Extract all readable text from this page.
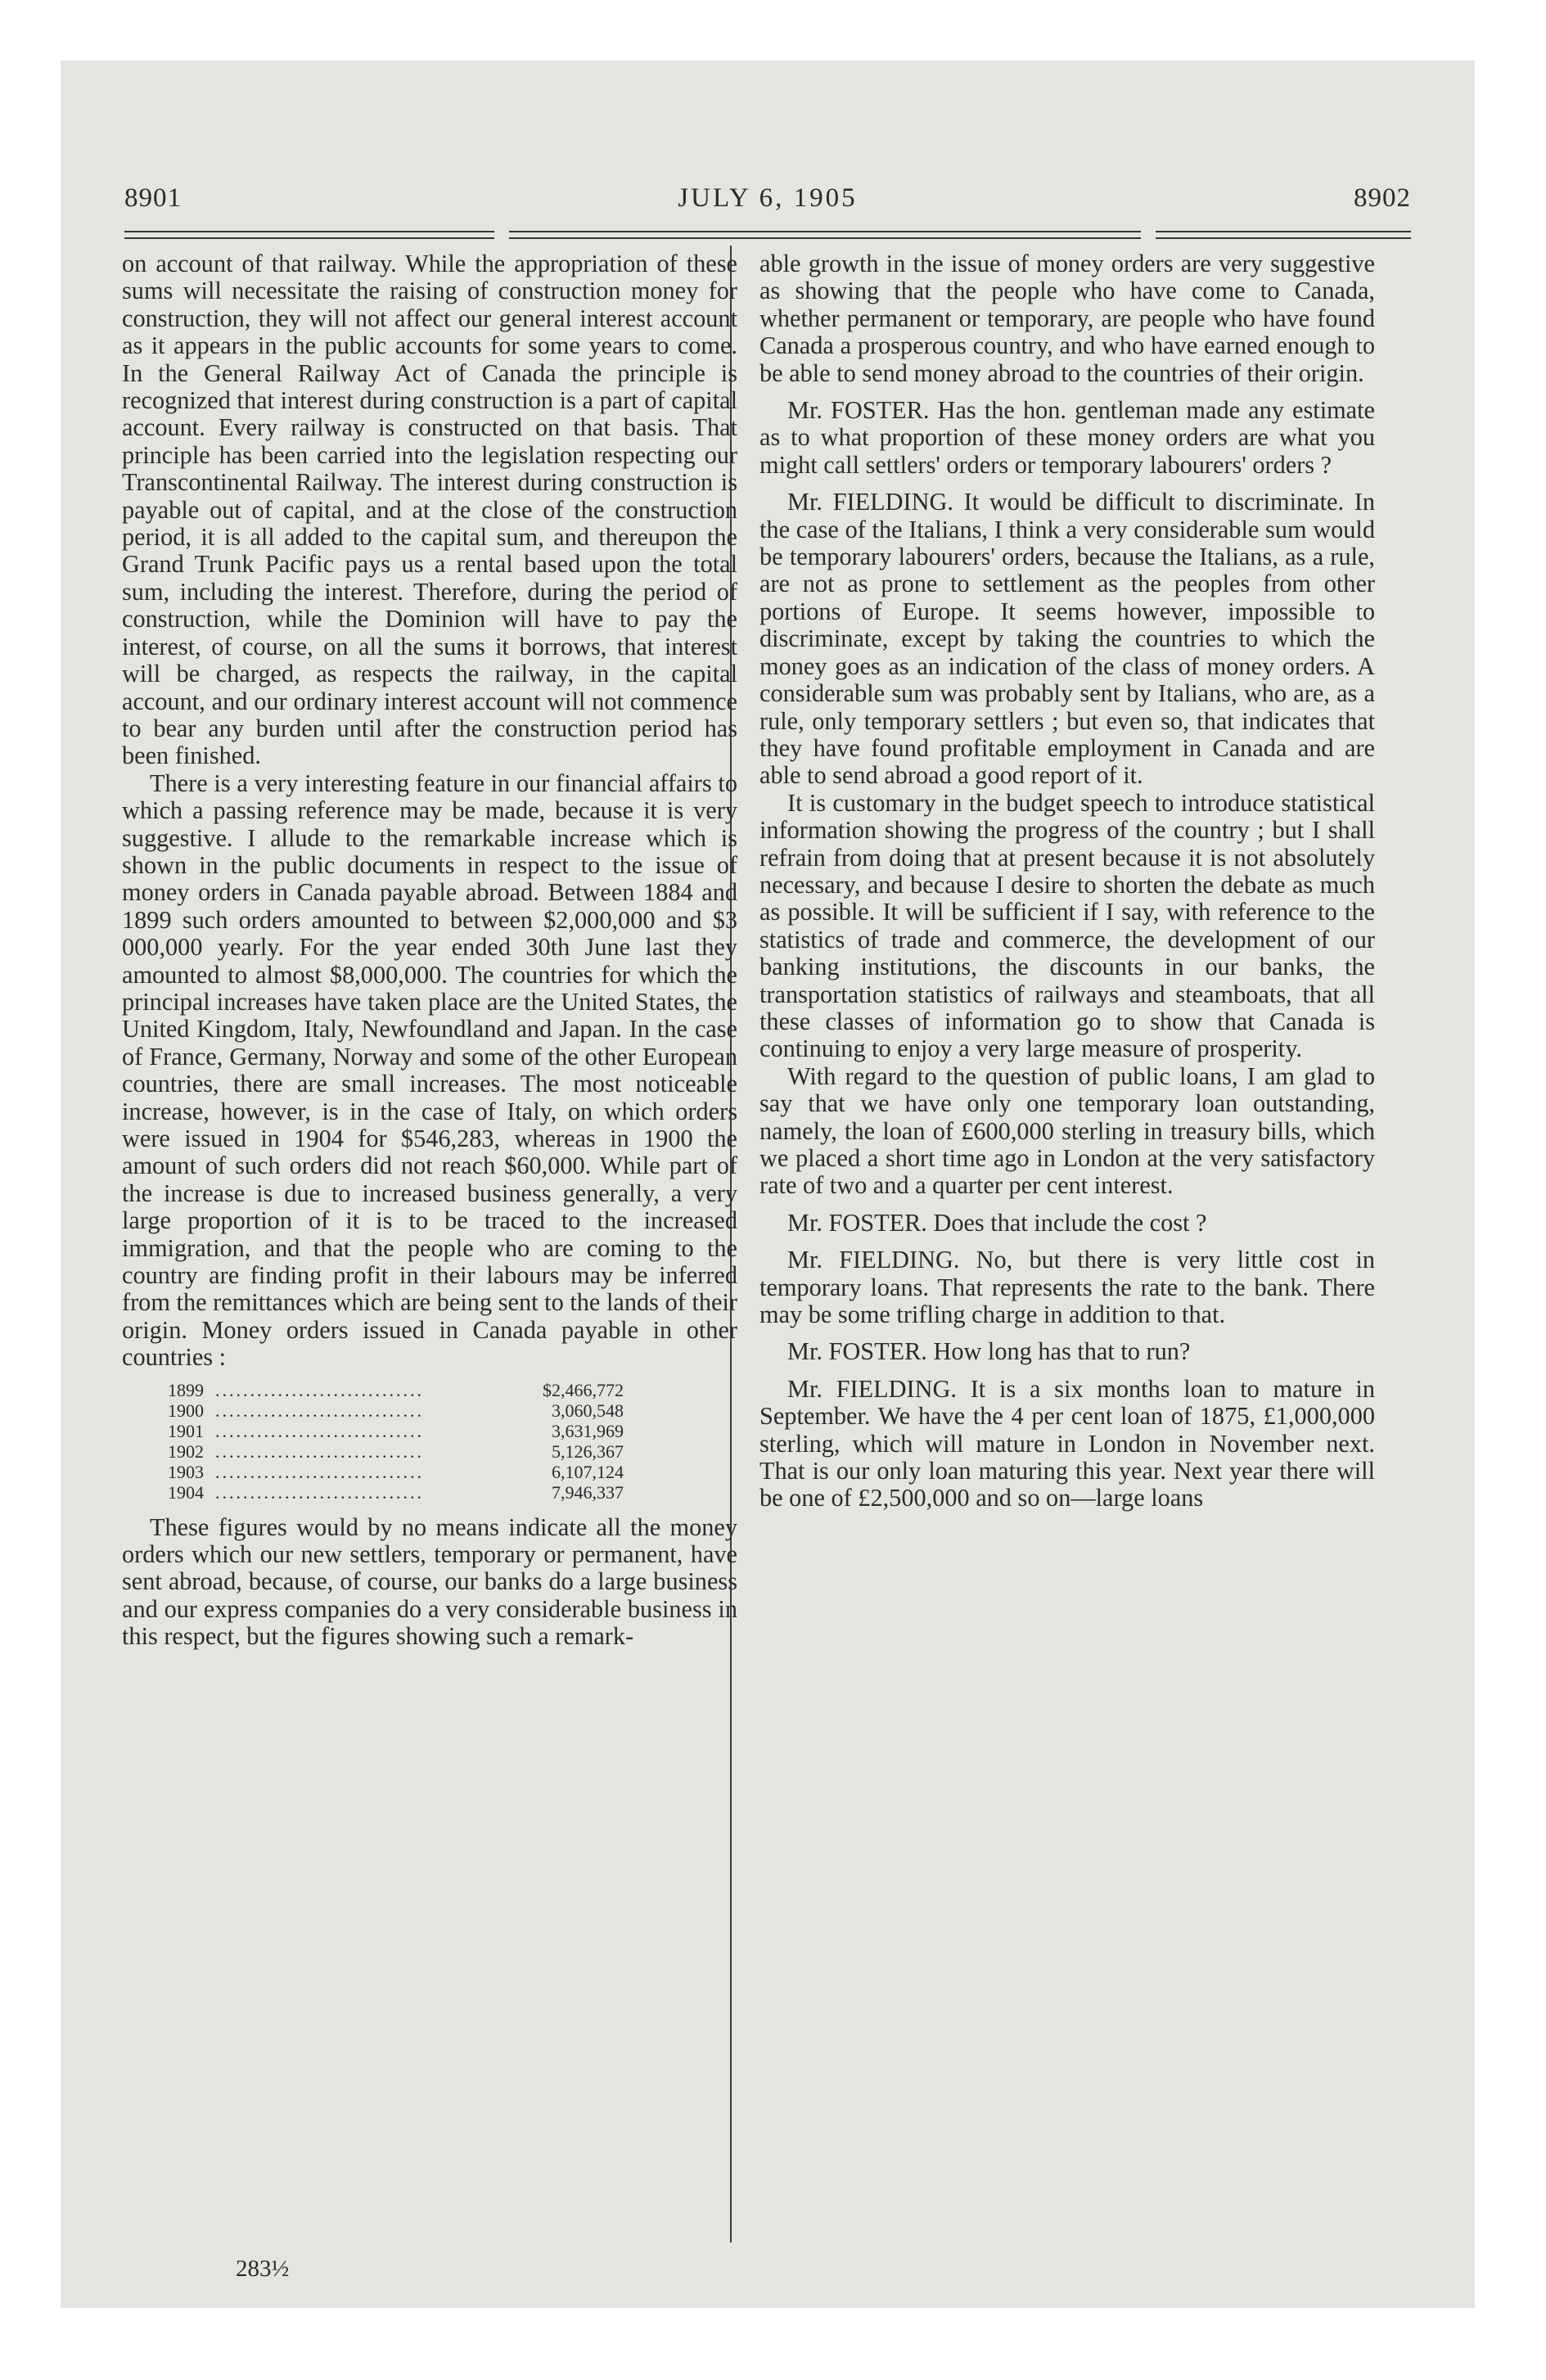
8901	JULY 6, 1905	8902

on account of that railway. While the appropriation of these sums will necessitate the raising of construction money for construction, they will not affect our general interest account as it appears in the public accounts for some years to come. In the General Railway Act of Canada the principle is recognized that interest during construction is a part of capital account. Every railway is constructed on that basis. That principle has been carried into the legislation respecting our Transcontinental Railway. The interest during construction is payable out of capital, and at the close of the construction period, it is all added to the capital sum, and thereupon the Grand Trunk Pacific pays us a rental based upon the total sum, including the interest. Therefore, during the period of construction, while the Dominion will have to pay the interest, of course, on all the sums it borrows, that interest will be charged, as respects the railway, in the capital account, and our ordinary interest account will not commence to bear any burden until after the construction period has been finished.

There is a very interesting feature in our financial affairs to which a passing reference may be made, because it is very suggestive. I allude to the remarkable increase which is shown in the public documents in respect to the issue of money orders in Canada payable abroad. Between 1884 and 1899 such orders amounted to between $2,000,000 and $3 000,000 yearly. For the year ended 30th June last they amounted to almost $8,000,000. The countries for which the principal increases have taken place are the United States, the United Kingdom, Italy, Newfoundland and Japan. In the case of France, Germany, Norway and some of the other European countries, there are small increases. The most noticeable increase, however, is in the case of Italy, on which orders were issued in 1904 for $546,283, whereas in 1900 the amount of such orders did not reach $60,000. While part of the increase is due to increased business generally, a very large proportion of it is to be traced to the increased immigration, and that the people who are coming to the country are finding profit in their labours may be inferred from the remittances which are being sent to the lands of their origin. Money orders issued in Canada payable in other countries :

1899	..............................	$2,466,772
1900	..............................	3,060,548
1901	..............................	3,631,969
1902	..............................	5,126,367
1903	..............................	6,107,124
1904	..............................	7,946,337

These figures would by no means indicate all the money orders which our new settlers, temporary or permanent, have sent abroad, because, of course, our banks do a large business and our express companies do a very considerable business in this respect, but the figures showing such a remark-

able growth in the issue of money orders are very suggestive as showing that the people who have come to Canada, whether permanent or temporary, are people who have found Canada a prosperous country, and who have earned enough to be able to send money abroad to the countries of their origin.

Mr. FOSTER. Has the hon. gentleman made any estimate as to what proportion of these money orders are what you might call settlers' orders or temporary labourers' orders ?

Mr. FIELDING. It would be difficult to discriminate. In the case of the Italians, I think a very considerable sum would be temporary labourers' orders, because the Italians, as a rule, are not as prone to settlement as the peoples from other portions of Europe. It seems however, impossible to discriminate, except by taking the countries to which the money goes as an indication of the class of money orders. A considerable sum was probably sent by Italians, who are, as a rule, only temporary settlers ; but even so, that indicates that they have found profitable employment in Canada and are able to send abroad a good report of it.

It is customary in the budget speech to introduce statistical information showing the progress of the country ; but I shall refrain from doing that at present because it is not absolutely necessary, and because I desire to shorten the debate as much as possible. It will be sufficient if I say, with reference to the statistics of trade and commerce, the development of our banking institutions, the discounts in our banks, the transportation statistics of railways and steamboats, that all these classes of information go to show that Canada is continuing to enjoy a very large measure of prosperity.

With regard to the question of public loans, I am glad to say that we have only one temporary loan outstanding, namely, the loan of £600,000 sterling in treasury bills, which we placed a short time ago in London at the very satisfactory rate of two and a quarter per cent interest.

Mr. FOSTER. Does that include the cost ?

Mr. FIELDING. No, but there is very little cost in temporary loans. That represents the rate to the bank. There may be some trifling charge in addition to that.

Mr. FOSTER. How long has that to run?

Mr. FIELDING. It is a six months loan to mature in September. We have the 4 per cent loan of 1875, £1,000,000 sterling, which will mature in London in November next. That is our only loan maturing this year. Next year there will be one of £2,500,000 and so on—large loans

283½
